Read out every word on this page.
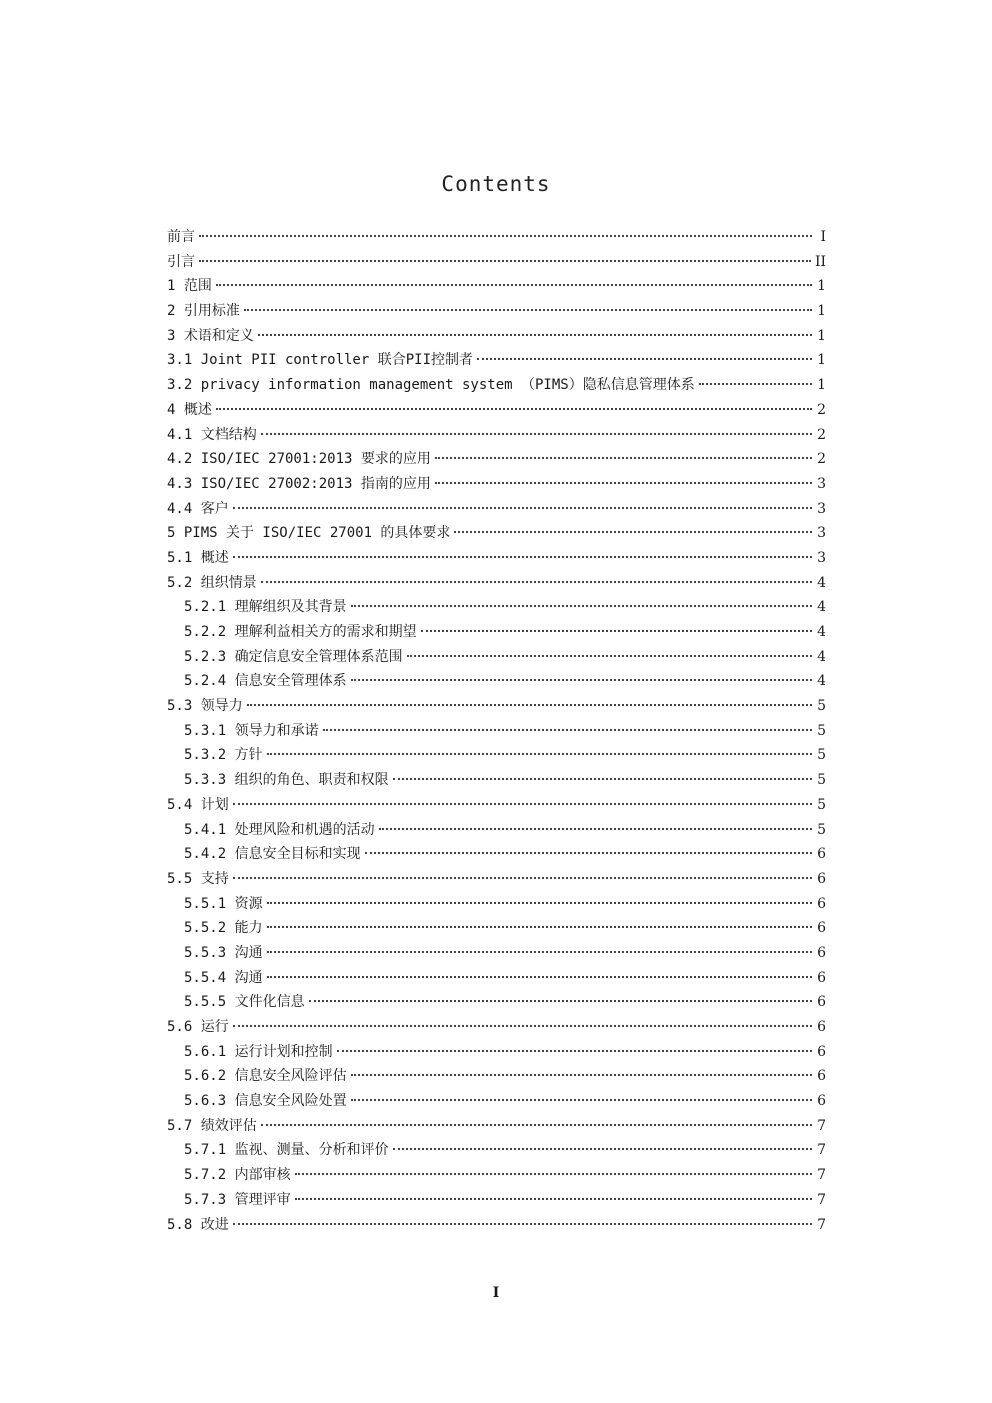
Contents
前言	I
引言	II
1 范围	1
2 引用标准	1
3 术语和定义	1
3.1 Joint PII controller 联合PII控制者	1
3.2 privacy information management system （PIMS）隐私信息管理体系	1
4 概述	2
4.1 文档结构	2
4.2 ISO/IEC 27001:2013 要求的应用	2
4.3 ISO/IEC 27002:2013 指南的应用	3
4.4 客户	3
5 PIMS 关于 ISO/IEC 27001 的具体要求	3
5.1 概述	3
5.2 组织情景	4
5.2.1 理解组织及其背景	4
5.2.2 理解利益相关方的需求和期望	4
5.2.3 确定信息安全管理体系范围	4
5.2.4 信息安全管理体系	4
5.3 领导力	5
5.3.1 领导力和承诺	5
5.3.2 方针	5
5.3.3 组织的角色、职责和权限	5
5.4 计划	5
5.4.1 处理风险和机遇的活动	5
5.4.2 信息安全目标和实现	6
5.5 支持	6
5.5.1 资源	6
5.5.2 能力	6
5.5.3 沟通	6
5.5.4 沟通	6
5.5.5 文件化信息	6
5.6 运行	6
5.6.1 运行计划和控制	6
5.6.2 信息安全风险评估	6
5.6.3 信息安全风险处置	6
5.7 绩效评估	7
5.7.1 监视、测量、分析和评价	7
5.7.2 内部审核	7
5.7.3 管理评审	7
5.8 改进	7
I
